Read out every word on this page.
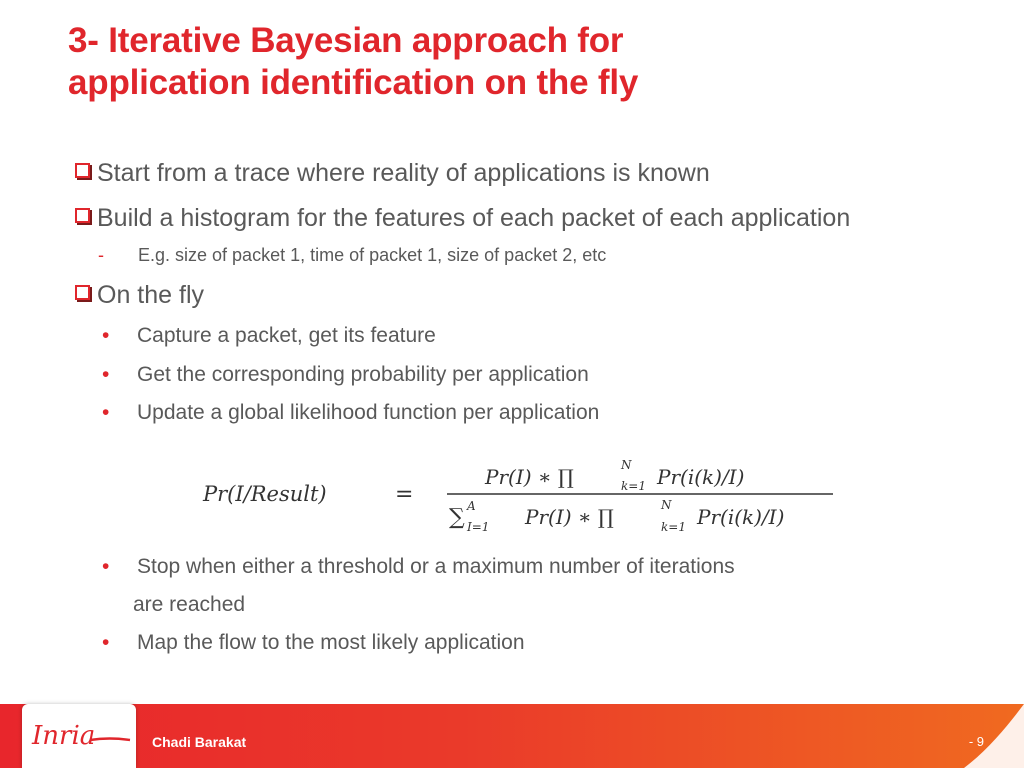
3- Iterative Bayesian approach for
application identification on the fly
Start from a trace where reality of applications is known
Build a histogram for the features of each packet of each application
- E.g. size of packet 1, time of packet 1, size of packet 2, etc
On the fly
• Capture a packet, get its feature
• Get the corresponding probability per application
• Update a global likelihood function per application
Pr(I/Result)	=
Pr(I) ∗ ∏	N
k=1 Pr(i(k)/I)
∑ A
I=1 Pr(I) ∗ ∏	N
k=1 Pr(i(k)/I)
• Stop when either a threshold or a maximum number of iterations
are reached
• Map the flow to the most likely application
Inria	Chadi Barakat	- 9
